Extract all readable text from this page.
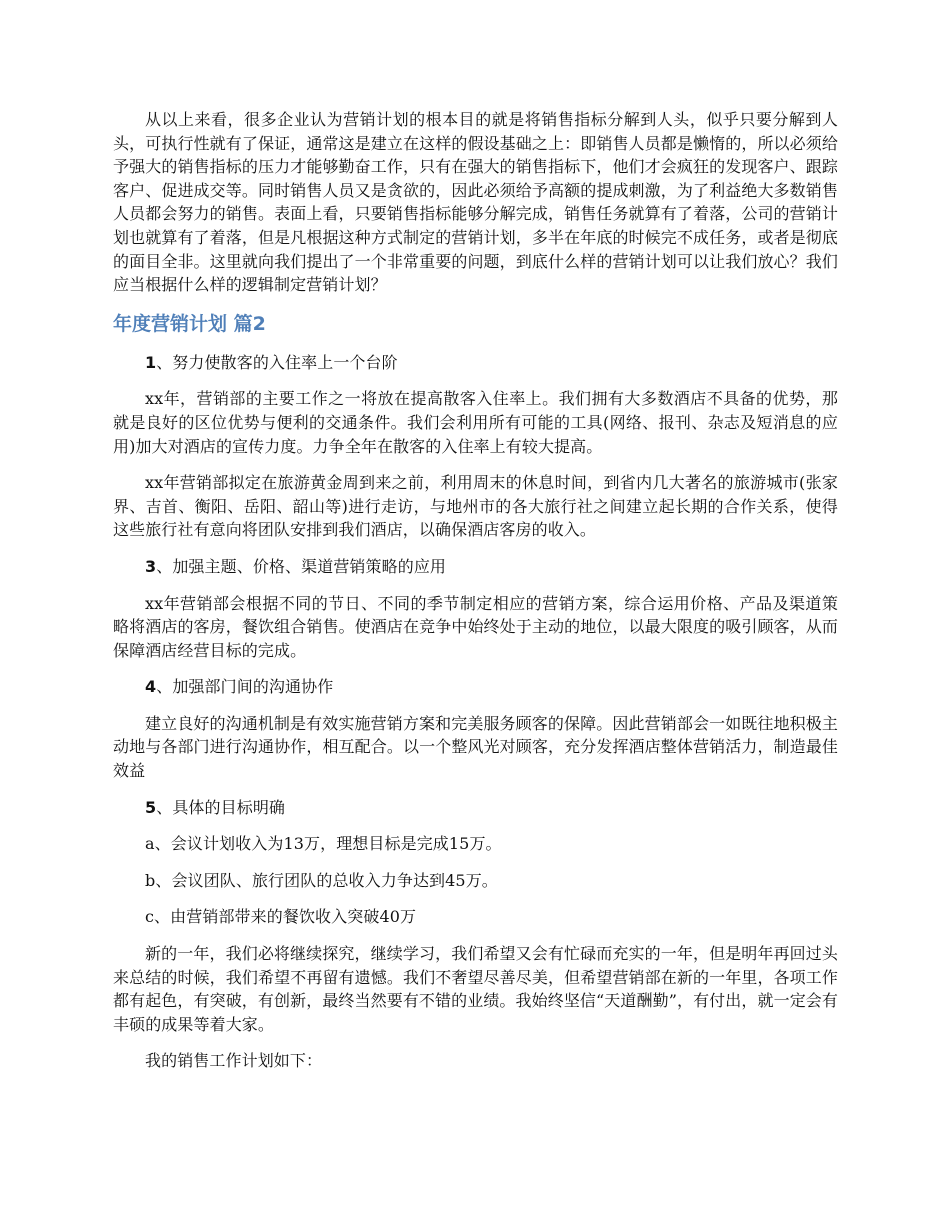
从以上来看，很多企业认为营销计划的根本目的就是将销售指标分解到人头，似乎只要分解到人头，可执行性就有了保证，通常这是建立在这样的假设基础之上：即销售人员都是懒惰的，所以必须给予强大的销售指标的压力才能够勤奋工作，只有在强大的销售指标下，他们才会疯狂的发现客户、跟踪客户、促进成交等。同时销售人员又是贪欲的，因此必须给予高额的提成刺激，为了利益绝大多数销售人员都会努力的销售。表面上看，只要销售指标能够分解完成，销售任务就算有了着落，公司的营销计划也就算有了着落，但是凡根据这种方式制定的营销计划，多半在年底的时候完不成任务，或者是彻底的面目全非。这里就向我们提出了一个非常重要的问题，到底什么样的营销计划可以让我们放心？我们应当根据什么样的逻辑制定营销计划？

年度营销计划 篇2

1、努力使散客的入住率上一个台阶

xx年，营销部的主要工作之一将放在提高散客入住率上。我们拥有大多数酒店不具备的优势，那就是良好的区位优势与便利的交通条件。我们会利用所有可能的工具(网络、报刊、杂志及短消息的应用)加大对酒店的宣传力度。力争全年在散客的入住率上有较大提高。

xx年营销部拟定在旅游黄金周到来之前，利用周末的休息时间，到省内几大著名的旅游城市(张家界、吉首、衡阳、岳阳、韶山等)进行走访，与地州市的各大旅行社之间建立起长期的合作关系，使得这些旅行社有意向将团队安排到我们酒店，以确保酒店客房的收入。

3、加强主题、价格、渠道营销策略的应用

xx年营销部会根据不同的节日、不同的季节制定相应的营销方案，综合运用价格、产品及渠道策略将酒店的客房，餐饮组合销售。使酒店在竞争中始终处于主动的地位，以最大限度的吸引顾客，从而保障酒店经营目标的完成。

4、加强部门间的沟通协作

建立良好的沟通机制是有效实施营销方案和完美服务顾客的保障。因此营销部会一如既往地积极主动地与各部门进行沟通协作，相互配合。以一个整风光对顾客，充分发挥酒店整体营销活力，制造最佳效益

5、具体的目标明确

a、会议计划收入为13万，理想目标是完成15万。

b、会议团队、旅行团队的总收入力争达到45万。

c、由营销部带来的餐饮收入突破40万

新的一年，我们必将继续探究，继续学习，我们希望又会有忙碌而充实的一年，但是明年再回过头来总结的时候，我们希望不再留有遗憾。我们不奢望尽善尽美，但希望营销部在新的一年里，各项工作都有起色，有突破，有创新，最终当然要有不错的业绩。我始终坚信“天道酬勤”，有付出，就一定会有丰硕的成果等着大家。

我的销售工作计划如下：
